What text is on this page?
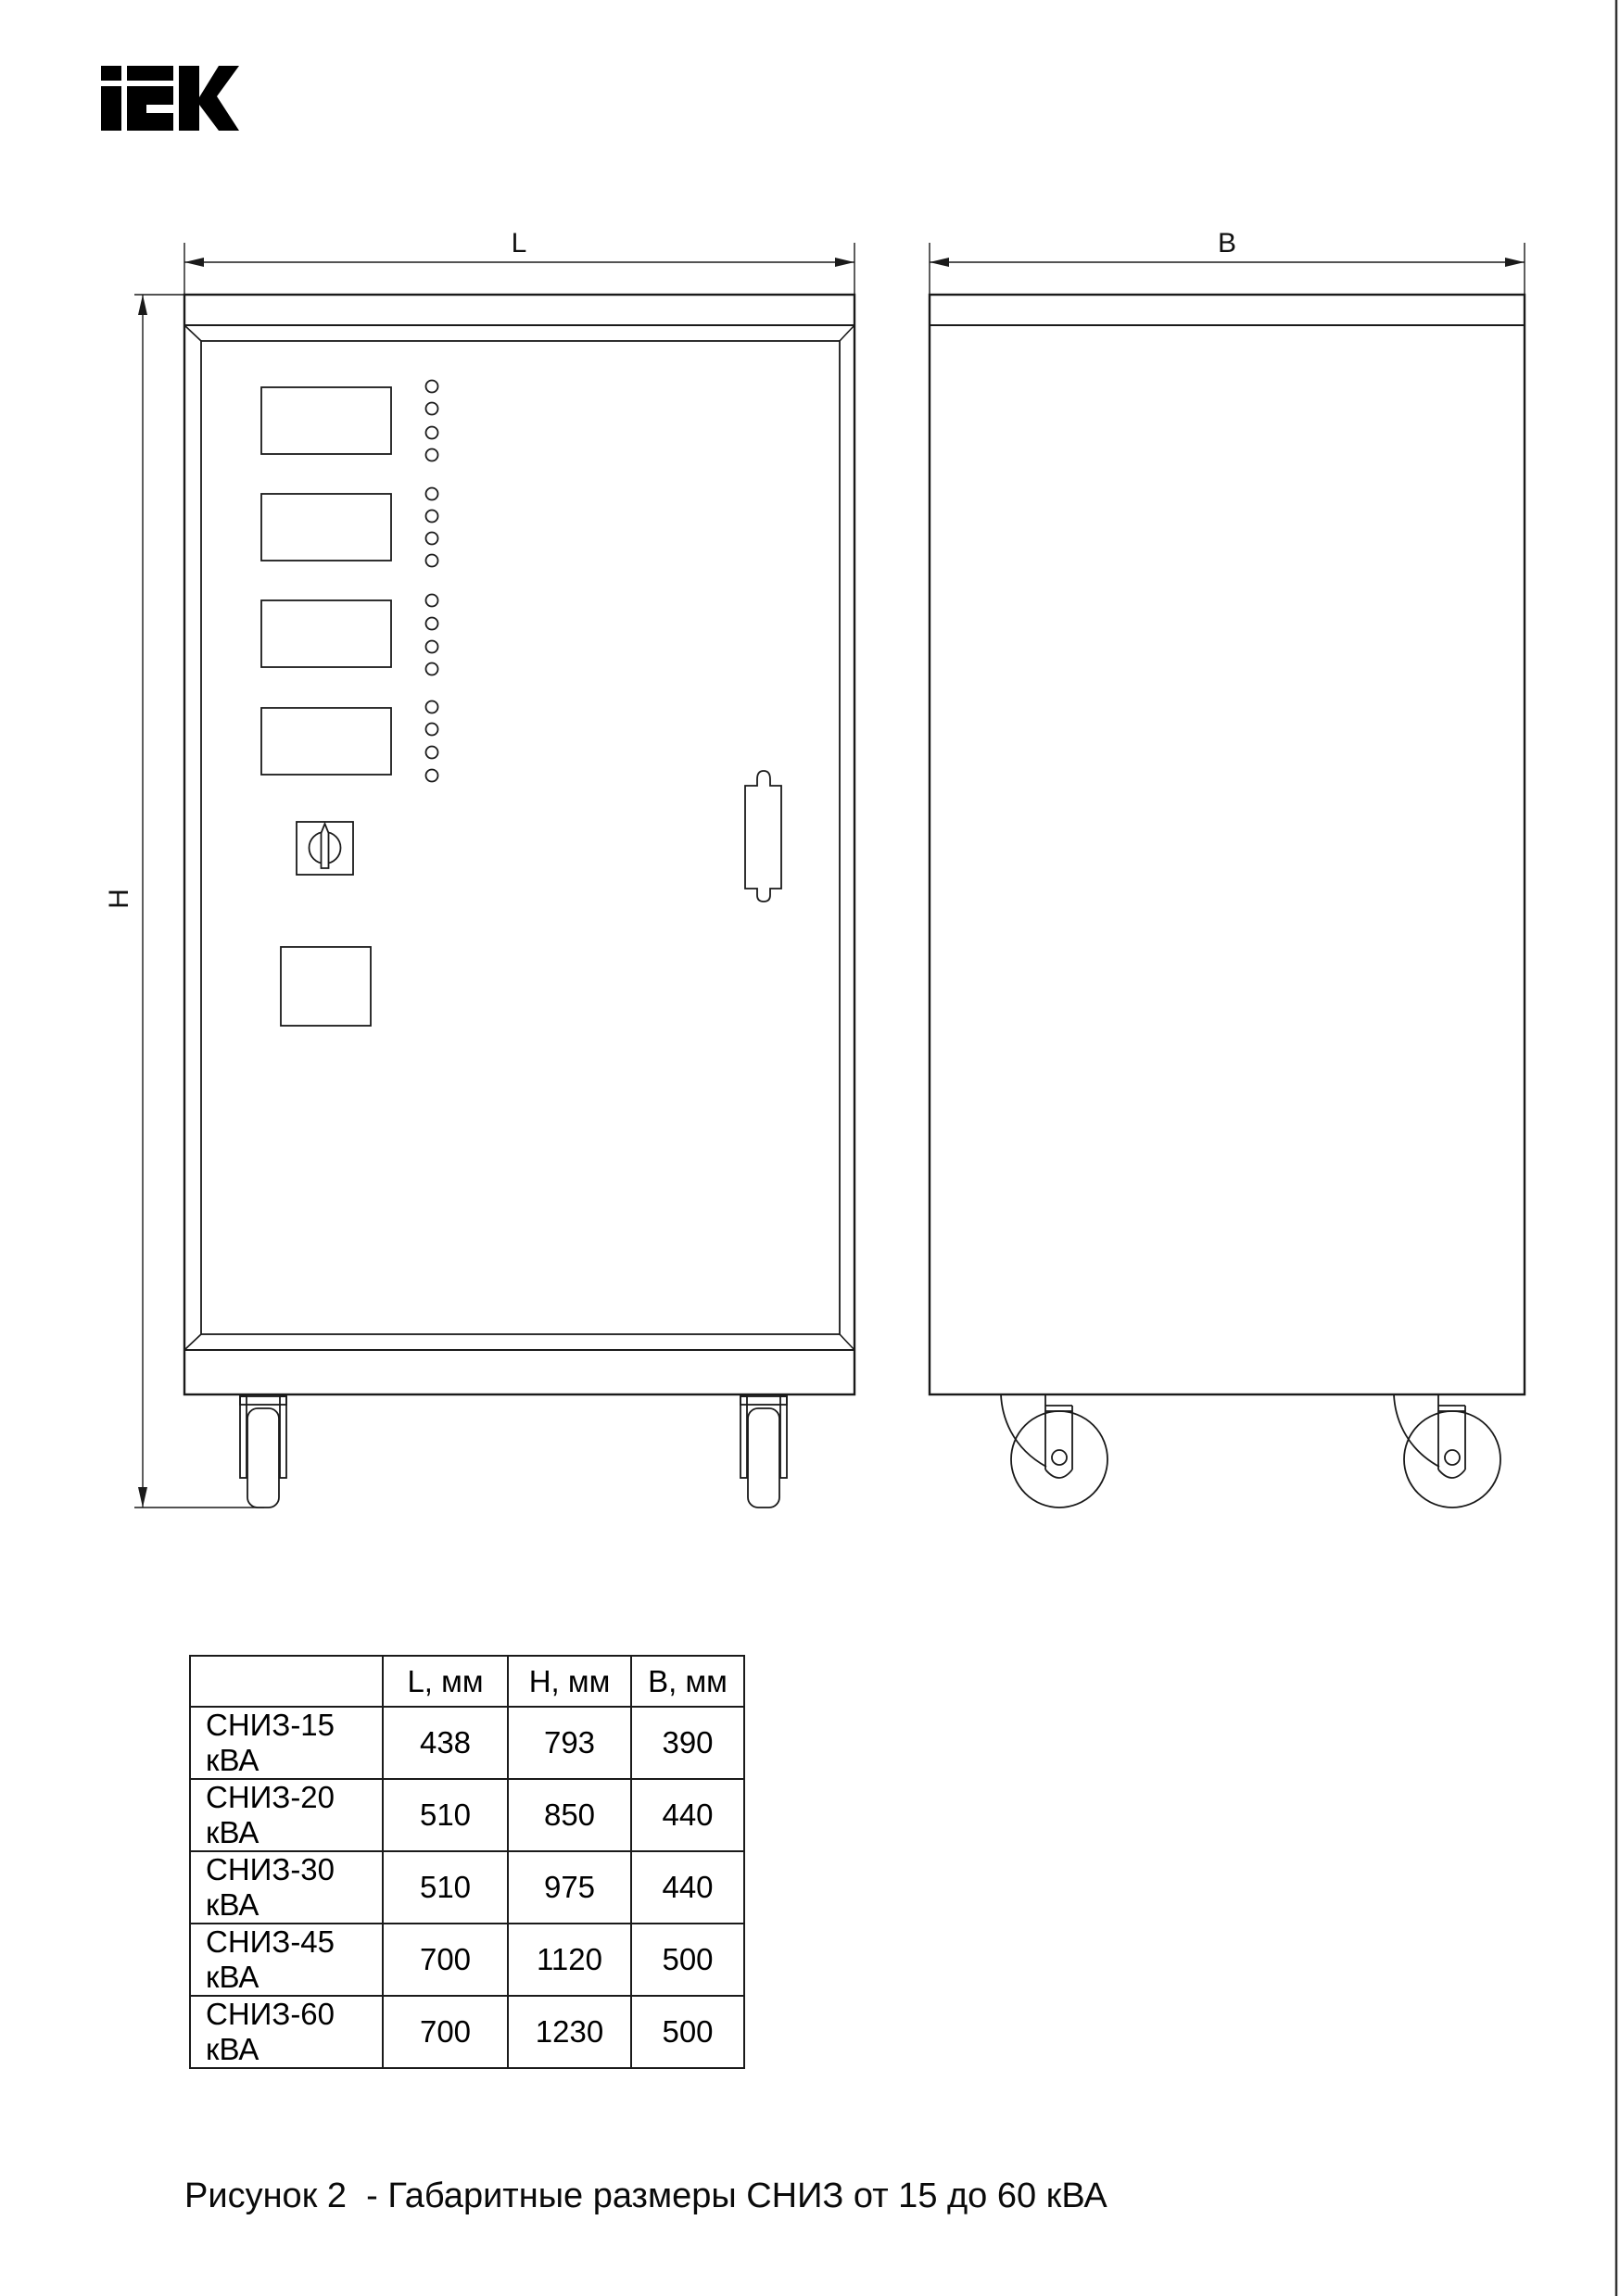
L	B
H
	L, мм	H, мм	B, мм
СНИЗ-15 кВА	438	793	390
СНИЗ-20 кВА	510	850	440
СНИЗ-30 кВА	510	975	440
СНИЗ-45 кВА	700	1120	500
СНИЗ-60 кВА	700	1230	500
Рисунок 2  - Габаритные размеры СНИЗ от 15 до 60 кВА
